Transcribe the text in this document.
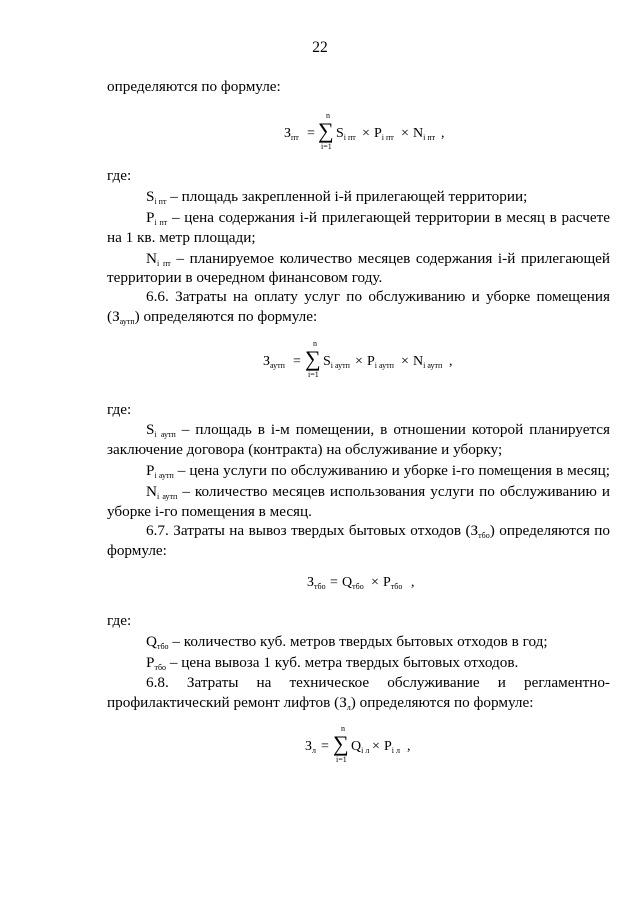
22
определяются по формуле:
$З_{пт}$ =
n
∑
i=1
$S_{i пт} \times P_{i пт} \times N_{i пт}$ ,
где:
$S_{i пт}$ – площадь закрепленной i-й прилегающей территории;
$P_{i пт}$ – цена содержания i-й прилегающей территории в месяц в расчете
на 1 кв. метр площади;
$N_{i пт}$ – планируемое количество месяцев содержания i-й прилегающей
территории в очередном финансовом году.
6.6. Затраты на оплату услуг по обслуживанию и уборке помещения
$(З_{аутп})$ определяются по формуле:
$З_{аутп}$ =
n
∑
i=1
$S_{i аутп} \times P_{i аутп} \times N_{i аутп}$ ,
где:
$S_{i аутп}$ – площадь в i-м помещении, в отношении которой планируется
заключение договора (контракта) на обслуживание и уборку;
$P_{i аутп}$ – цена услуги по обслуживанию и уборке i-го помещения в месяц;
$N_{i аутп}$ – количество месяцев использования услуги по обслуживанию и
уборке i-го помещения в месяц.
6.7. Затраты на вывоз твердых бытовых отходов $(З_{тбо})$ определяются по
формуле:
$З_{тбо} = Q_{тбо} \times P_{тбо}$ ,
где:
$Q_{тбо}$ – количество куб. метров твердых бытовых отходов в год;
$P_{тбо}$ – цена вывоза 1 куб. метра твердых бытовых отходов.
6.8. Затраты на техническое обслуживание и регламентно-
профилактический ремонт лифтов $(З_л)$ определяются по формуле:
$З_л$ =
n
∑
i=1
$Q_{i л} \times P_{i л}$ ,
